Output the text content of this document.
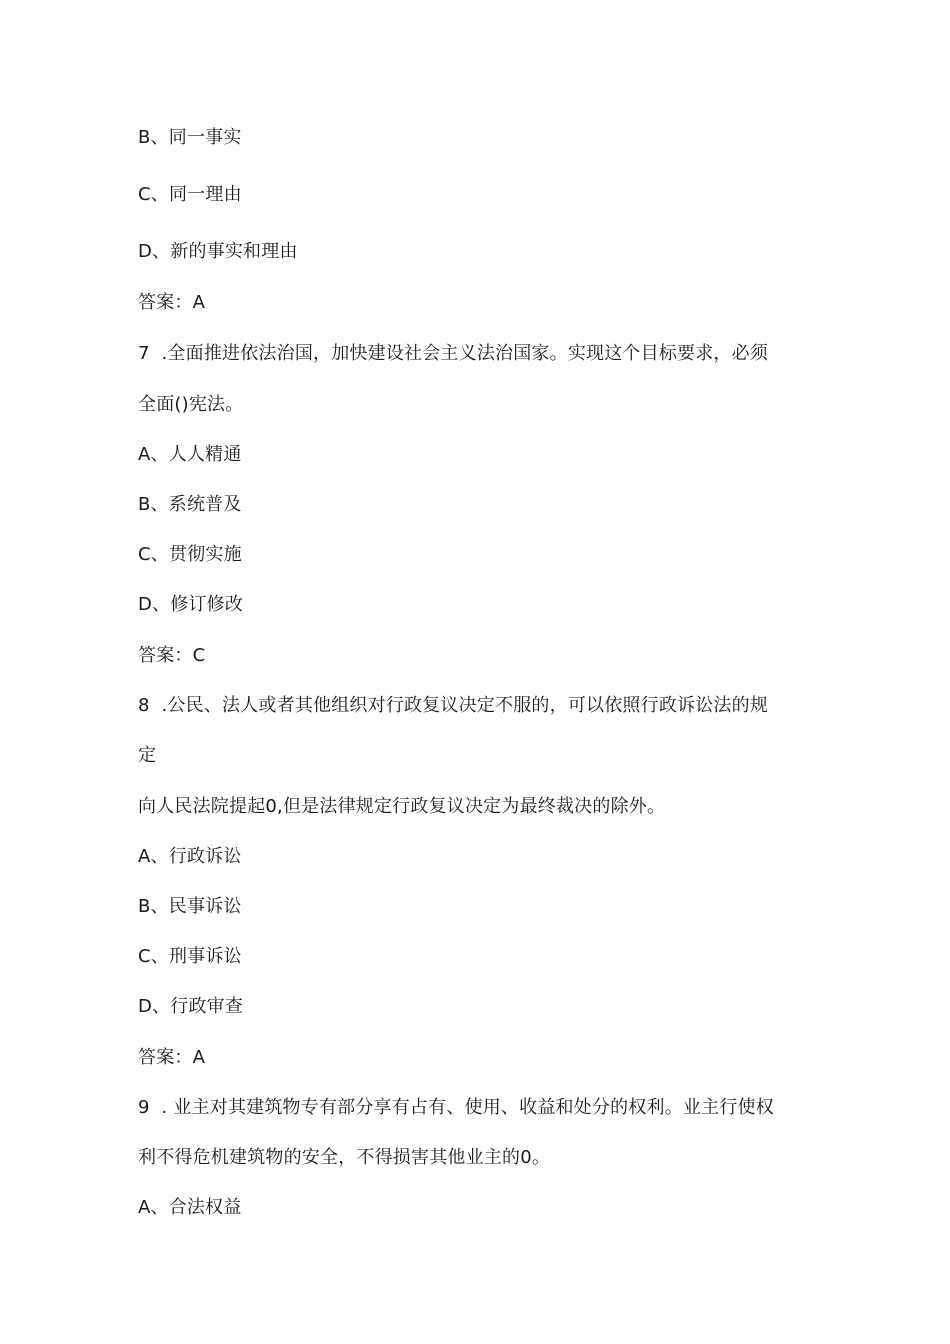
B、同一事实
C、同一理由
D、新的事实和理由
答案：A
7  .全面推进依法治国，加快建设社会主义法治国家。实现这个目标要求，必须
全面()宪法。
A、人人精通
B、系统普及
C、贯彻实施
D、修订修改
答案：C
8  .公民、法人或者其他组织对行政复议决定不服的，可以依照行政诉讼法的规
定
向人民法院提起0,但是法律规定行政复议决定为最终裁决的除外。
A、行政诉讼
B、民事诉讼
C、刑事诉讼
D、行政审查
答案：A
9  . 业主对其建筑物专有部分享有占有、使用、收益和处分的权利。业主行使权
利不得危机建筑物的安全，不得损害其他业主的0。
A、合法权益
